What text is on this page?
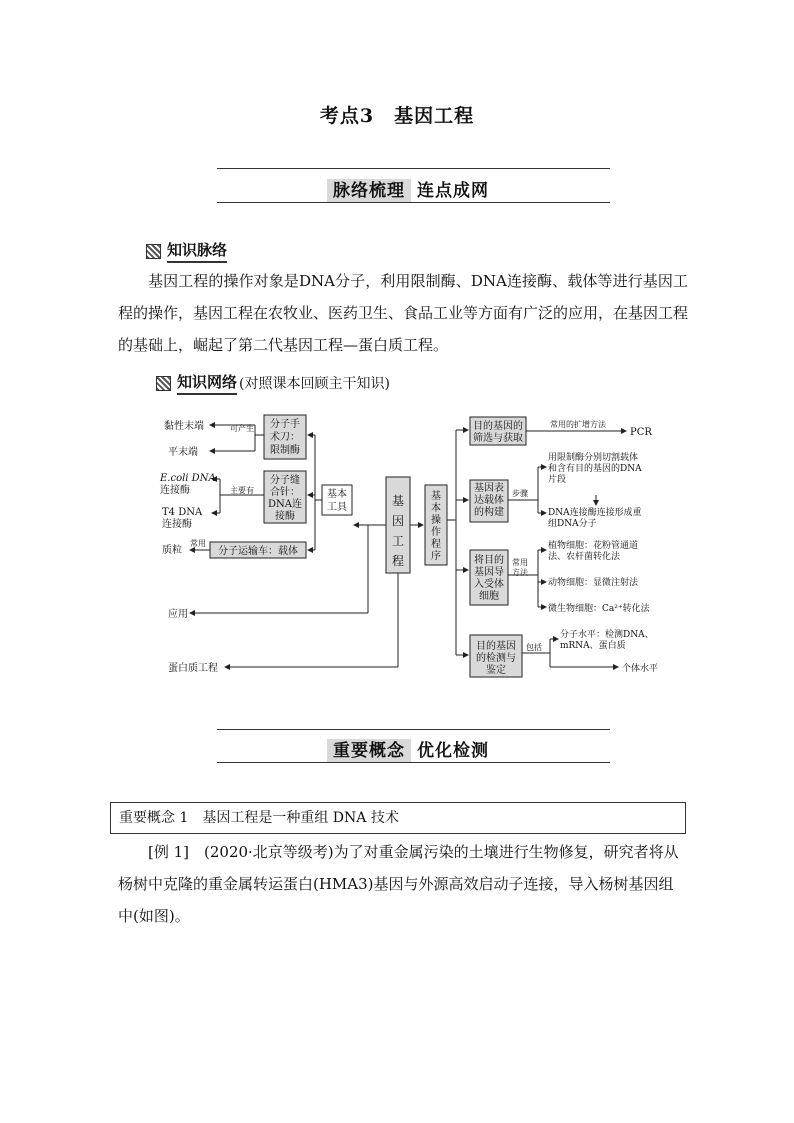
考点3　基因工程
脉络梳理 连点成网
知识脉络
基因工程的操作对象是DNA分子，利用限制酶、DNA连接酶、载体等进行基因工程的操作，基因工程在农牧业、医药卫生、食品工业等方面有广泛的应用，在基因工程的基础上，崛起了第二代基因工程—蛋白质工程。
知识网络 (对照课本回顾主干知识)
黏性末端
平末端
可产生
E.coli DNA
连接酶
T4 DNA
连接酶
主要有
质粒
常用
应用
蛋白质工程
分子手
术刀：
限制酶
分子缝
合针：
DNA连
接酶
分子运输车：载体
基本
工具	基
因
工
程
基
本
操
作
程
序
目的基因的
筛选与获取
常用的扩增方法
PCR
基因表
达载体
的构建
步骤
用限制酶分别切割载体
和含有目的基因的DNA
片段
DNA连接酶连接形成重
组DNA分子
将目的
基因导
入受体
细胞
常用
方法
植物细胞：花粉管通道
法、农杆菌转化法
动物细胞：显微注射法
微生物细胞：Ca²⁺转化法
目的基因
的检测与
鉴定
包括
分子水平：检测DNA、
mRNA、蛋白质
个体水平
重要概念 优化检测
重要概念 1　基因工程是一种重组 DNA 技术
[例 1]　(2020·北京等级考)为了对重金属污染的土壤进行生物修复，研究者将从杨树中克隆的重金属转运蛋白(HMA3)基因与外源高效启动子连接，导入杨树基因组中(如图)。
